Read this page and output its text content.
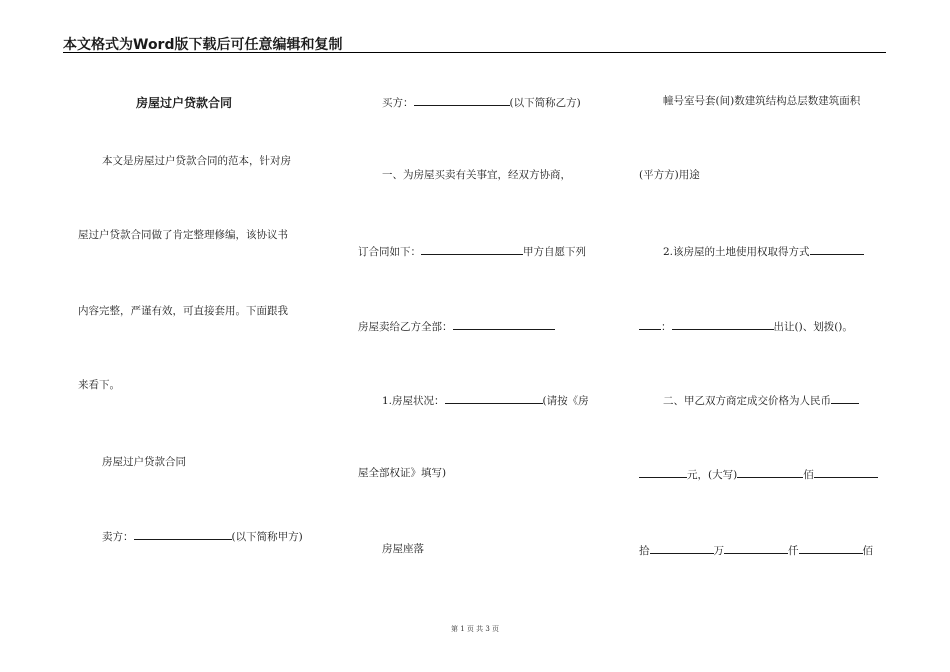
本文格式为Word版下载后可任意编辑和复制
房屋过户贷款合同
本文是房屋过户贷款合同的范本，针对房
屋过户贷款合同做了肯定整理修编，该协议书
内容完整，严谨有效，可直接套用。下面跟我
来看下。
房屋过户贷款合同
卖方：	(以下简称甲方)
买方：	(以下简称乙方)
一、为房屋买卖有关事宜，经双方协商，
订合同如下：	甲方自愿下列
房屋卖给乙方全部：
1.房屋状况：	(请按《房
屋全部权证》填写)
房屋座落
幢号室号套(间)数建筑结构总层数建筑面积
(平方方)用途
2.该房屋的土地使用权取得方式
：	出让()、划拨()。
二、甲乙双方商定成交价格为人民币
元，(大写)	佰
拾	万	仟	佰
第 1 页 共 3 页
